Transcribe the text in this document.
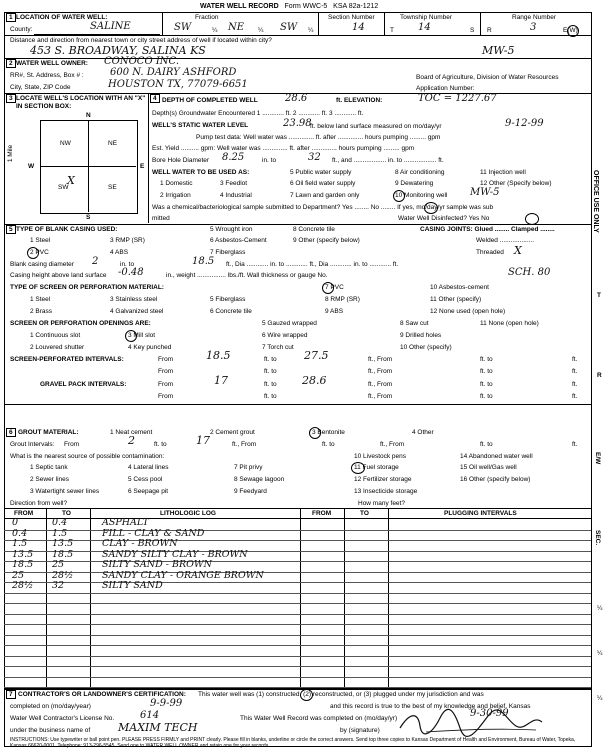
WATER WELL RECORD Form WWC-5 KSA 82a-1212
1 LOCATION OF WATER WELL:
County:	SALINE
Fraction
SW	¼ NE ¼ SW ¼
Section Number
14
Township Number
T 14	S
Range Number
R	3	E(W)
Distance and direction from nearest town or city street address of well if located within city?
453 S. BROADWAY, SALINA KS	MW-5
2 WATER WELL OWNER: CONOCO INC.
RR#, St. Address, Box # :	600 N. DAIRY ASHFORD
City, State, ZIP Code	HOUSTON TX, 77079-6651
Board of Agriculture, Division of Water Resources
Application Number:
3 LOCATE WELL'S LOCATION WITH AN "X" IN SECTION BOX:
N
S
W	E
1 Mile
NW	NE
SW	SE
X
4 DEPTH OF COMPLETED WELL	28.6	ft. ELEVATION:	TOC = 1227.67
Depth(s) Groundwater Encountered 1 ............ ft. 2 ............ ft. 3 ............ ft.
WELL'S STATIC WATER LEVEL	23.98
ft. below land surface measured on mo/day/yr	9-12-99
Pump test data: Well water was .............. ft. after .............. hours pumping ......... gpm
Est. Yield .......... gpm: Well water was .............. ft. after .............. hours pumping ......... gpm
Bore Hole Diameter 8.25	in. to	32 ft., and .................. in. to .................. ft.
WELL WATER TO BE USED AS:
1 Domestic	3 Feedlot
5 Public water supply	8 Air conditioning	11 Injection well
2 Irrigation	4 Industrial	7 Lawn and garden only
9 Dewatering	12 Other (Specify below)
6 Oil field water supply
10 Monitoring well MW-5
Was a chemical/bacteriological sample submitted to Department? Yes ........ No ........ If yes, mo/day/yr sample was sub
mitted	Water Well Disinfected? Yes No
5 TYPE OF BLANK CASING USED:
1 Steel	3 RMP (SR)
5 Wrought iron	8 Concrete tile
2 PVC	4 ABS
6 Asbestos-Cement	9 Other (specify below)
7 Fiberglass
CASING JOINTS: Glued ........ Clamped ........
Welded ...................
Threaded X
Blank casing diameter 2	in. to	18.5 ft., Dia ............ in. to ............ ft., Dia ............ in. to ............ ft.
Casing height above land surface -0.48	in., weight ................ lbs./ft. Wall thickness or gauge No.	SCH. 80
TYPE OF SCREEN OR PERFORATION MATERIAL:
1 Steel	3 Stainless steel	5 Fiberglass
7 PVC	10 Asbestos-cement
2 Brass	4 Galvanized steel	6 Concrete tile
8 RMP (SR)	11 Other (specify)
9 ABS	12 None used (open hole)
SCREEN OR PERFORATION OPENINGS ARE:
1 Continuous slot	3 Mill slot
5 Gauzed wrapped	8 Saw cut	11 None (open hole)
2 Louvered shutter	4 Key punched
6 Wire wrapped	9 Drilled holes
7 Torch cut	10 Other (specify)
SCREEN-PERFORATED INTERVALS:	From	18.5	ft. to 27.5	ft., From	ft. to	ft.
From	ft. to	ft., From	ft. to	ft.
GRAVEL PACK INTERVALS:	From	17	ft. to 28.6	ft., From	ft. to	ft.
From	ft. to	ft., From	ft. to	ft.
6 GROUT MATERIAL:	1 Neat cement	2 Cement grout	3 Bentonite	4 Other
Grout Intervals: From	2	ft. to	17	ft., From	ft. to	ft., From	ft. to	ft.
What is the nearest source of possible contamination:
1 Septic tank	4 Lateral lines	7 Pit privy
10 Livestock pens	14 Abandoned water well
2 Sewer lines	5 Cess pool	8 Sewage lagoon
11 Fuel storage	15 Oil well/Gas well
3 Watertight sewer lines	6 Seepage pit	9 Feedyard
12 Fertilizer storage	16 Other (specify below)
13 Insecticide storage
Direction from well?	How many feet?
FROM	TO	LITHOLOGIC LOG	FROM	TO	PLUGGING INTERVALS
0	0.4	ASPHALT
0.4	1.5	FILL - CLAY & SAND
1.5	13.5	CLAY - BROWN
13.5 18.5	SANDY SILTY CLAY - BROWN
18.5 25	SILTY SAND - BROWN
25	28½	SANDY CLAY - ORANGE BROWN
28½ 32	SILTY SAND
7 CONTRACTOR'S OR LANDOWNER'S CERTIFICATION: This water well was (1) constructed, (2) reconstructed, or (3) plugged under my jurisdiction and was
completed on (mo/day/year)	9-9-99	and this record is true to the best of my knowledge and belief. Kansas
Water Well Contractor's License No.	614	This Water Well Record was completed on (mo/day/yr)	9-30-99
under the business name of	MAXIM TECH	by (signature)
INSTRUCTIONS: Use typewriter or ball point pen. PLEASE PRESS FIRMLY and PRINT clearly. Please fill in blanks, underline or circle the correct answers. Send top three copies to Kansas Department of Health and Environment, Bureau of Water, Topeka, Kansas 66620-0001. Telephone: 913-296-5545. Send one to WATER WELL OWNER and retain one for your records.
OFFICE USE ONLY
T
R
E/W
SEC.
¼
¼
¼
